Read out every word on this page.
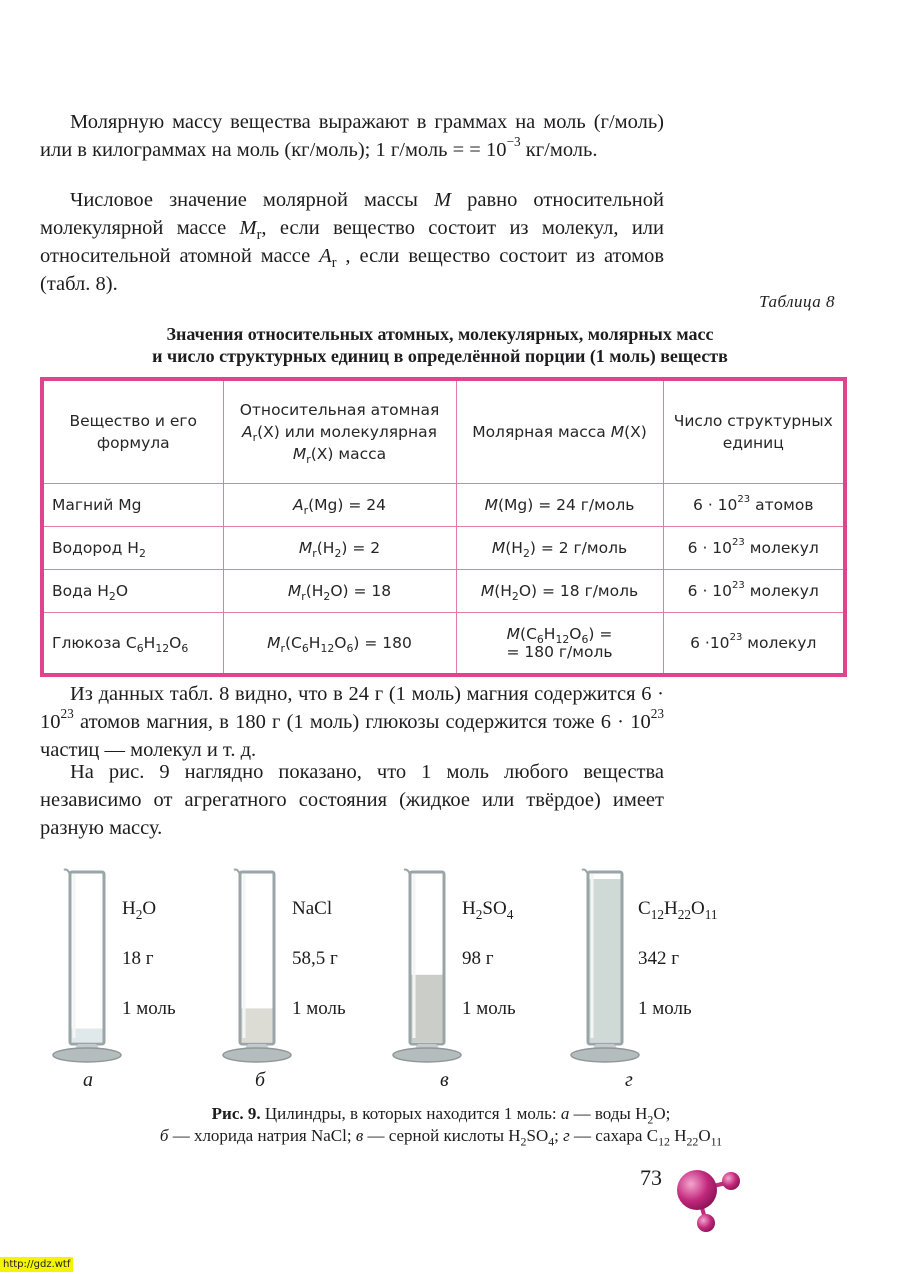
Молярную массу вещества выражают в граммах на моль (г/моль) или в килограммах на моль (кг/моль); 1 г/моль = = $10^{-3}$ кг/моль.

Числовое значение молярной массы M равно относительной молекулярной массе $M_r$, если вещество состоит из молекул, или относительной атомной массе $A_r$ , если вещество состоит из атомов (табл. 8).

Таблица 8
Значения относительных атомных, молекулярных, молярных масс
и число структурных единиц в определённой порции (1 моль) веществ
Вещество и его формула	Относительная атомная $A_r(X)$ или молекулярная $M_r(X)$ масса	Молярная масса M(X)	Число структурных единиц
Магний Mg	$A_r(Mg) = 24$	M(Mg) = 24 г/моль	$6 \cdot 10^{23}$ атомов
Водород $H_2$	$M_r(H_2) = 2$	$M(H_2) = 2$ г/моль	$6 \cdot 10^{23}$ молекул
Вода $H_2O$	$M_r(H_2O) = 18$	$M(H_2O) = 18$ г/моль	$6 \cdot 10^{23}$ молекул
Глюкоза $C_6H_{12}O_6$	$M_r(C_6H_{12}O_6) = 180$	$M(C_6H_{12}O_6)$ =
= 180 г/моль	$6 \cdot 10^{23}$ молекул

Из данных табл. 8 видно, что в 24 г (1 моль) магния содержится $6 \cdot 10^{23}$ атомов магния, в 180 г (1 моль) глюкозы содержится тоже $6 \cdot 10^{23}$ частиц — молекул и т. д.

На рис. 9 наглядно показано, что 1 моль любого вещества независимо от агрегатного состояния (жидкое или твёрдое) имеет разную массу.

$H_2O$
18 г
1 моль
а
NaCl
58,5 г
1 моль
б
$H_2SO_4$
98 г
1 моль
в
$C_{12}H_{22}O_{11}$
342 г
1 моль
г
Рис. 9. Цилиндры, в которых находится 1 моль: а — воды $H_2O$;
б — хлорида натрия NaCl; в — серной кислоты $H_2SO_4$; г — сахара $C_{12}$ $H_{22}O_{11}$
73
http://gdz.wtf
